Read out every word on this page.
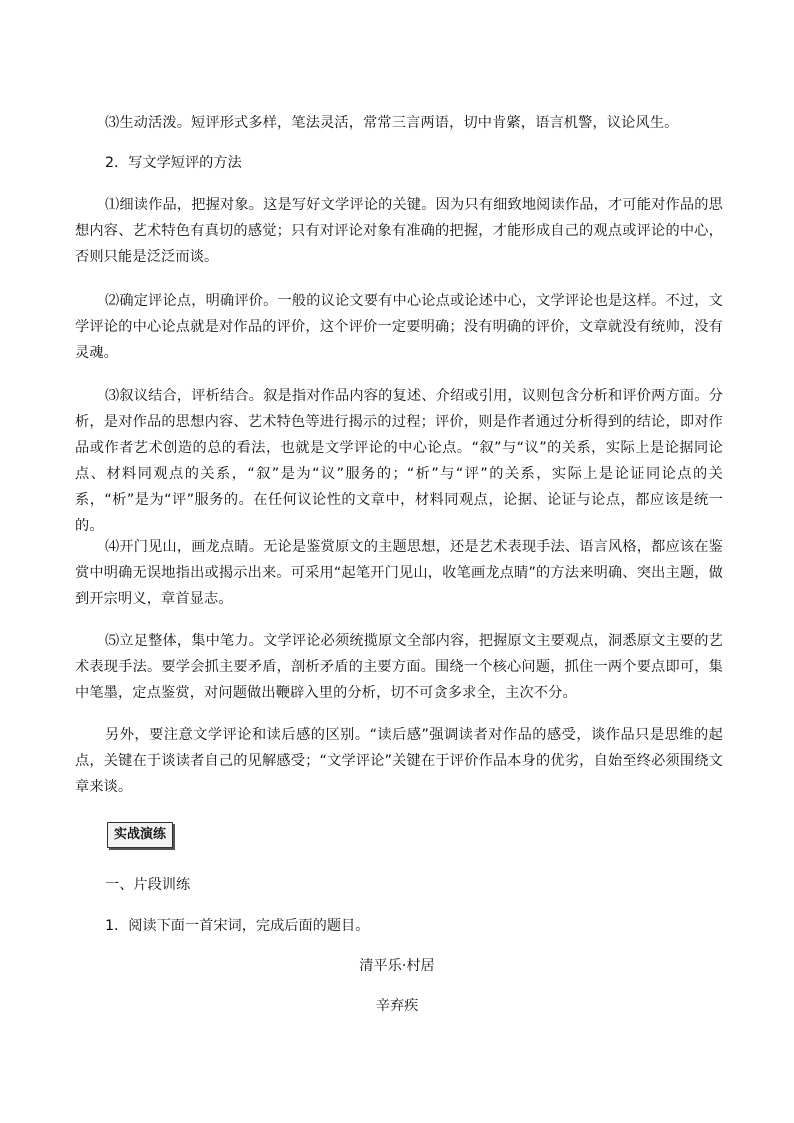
⑶生动活泼。短评形式多样，笔法灵活，常常三言两语，切中肯綮，语言机警，议论风生。

2．写文学短评的方法

⑴细读作品，把握对象。这是写好文学评论的关键。因为只有细致地阅读作品，才可能对作品的思想内容、艺术特色有真切的感觉；只有对评论对象有准确的把握，才能形成自己的观点或评论的中心，否则只能是泛泛而谈。

⑵确定评论点，明确评价。一般的议论文要有中心论点或论述中心，文学评论也是这样。不过，文学评论的中心论点就是对作品的评价，这个评价一定要明确；没有明确的评价，文章就没有统帅，没有灵魂。

⑶叙议结合，评析结合。叙是指对作品内容的复述、介绍或引用，议则包含分析和评价两方面。分析，是对作品的思想内容、艺术特色等进行揭示的过程；评价，则是作者通过分析得到的结论，即对作品或作者艺术创造的总的看法，也就是文学评论的中心论点。“叙”与“议”的关系，实际上是论据同论点、材料同观点的关系，“叙”是为“议”服务的；“析”与“评”的关系，实际上是论证同论点的关系，“析”是为“评”服务的。在任何议论性的文章中，材料同观点，论据、论证与论点，都应该是统一的。

⑷开门见山，画龙点睛。无论是鉴赏原文的主题思想，还是艺术表现手法、语言风格，都应该在鉴赏中明确无误地指出或揭示出来。可采用“起笔开门见山，收笔画龙点睛”的方法来明确、突出主题，做到开宗明义，章首显志。

⑸立足整体，集中笔力。文学评论必须统揽原文全部内容，把握原文主要观点，洞悉原文主要的艺术表现手法。要学会抓主要矛盾，剖析矛盾的主要方面。围绕一个核心问题，抓住一两个要点即可，集中笔墨，定点鉴赏，对问题做出鞭辟入里的分析，切不可贪多求全，主次不分。

另外，要注意文学评论和读后感的区别。“读后感”强调读者对作品的感受，谈作品只是思维的起点，关键在于谈读者自己的见解感受；“文学评论”关键在于评价作品本身的优劣，自始至终必须围绕文章来谈。

实战演练

一、片段训练

1．阅读下面一首宋词，完成后面的题目。

清平乐·村居

辛弃疾
